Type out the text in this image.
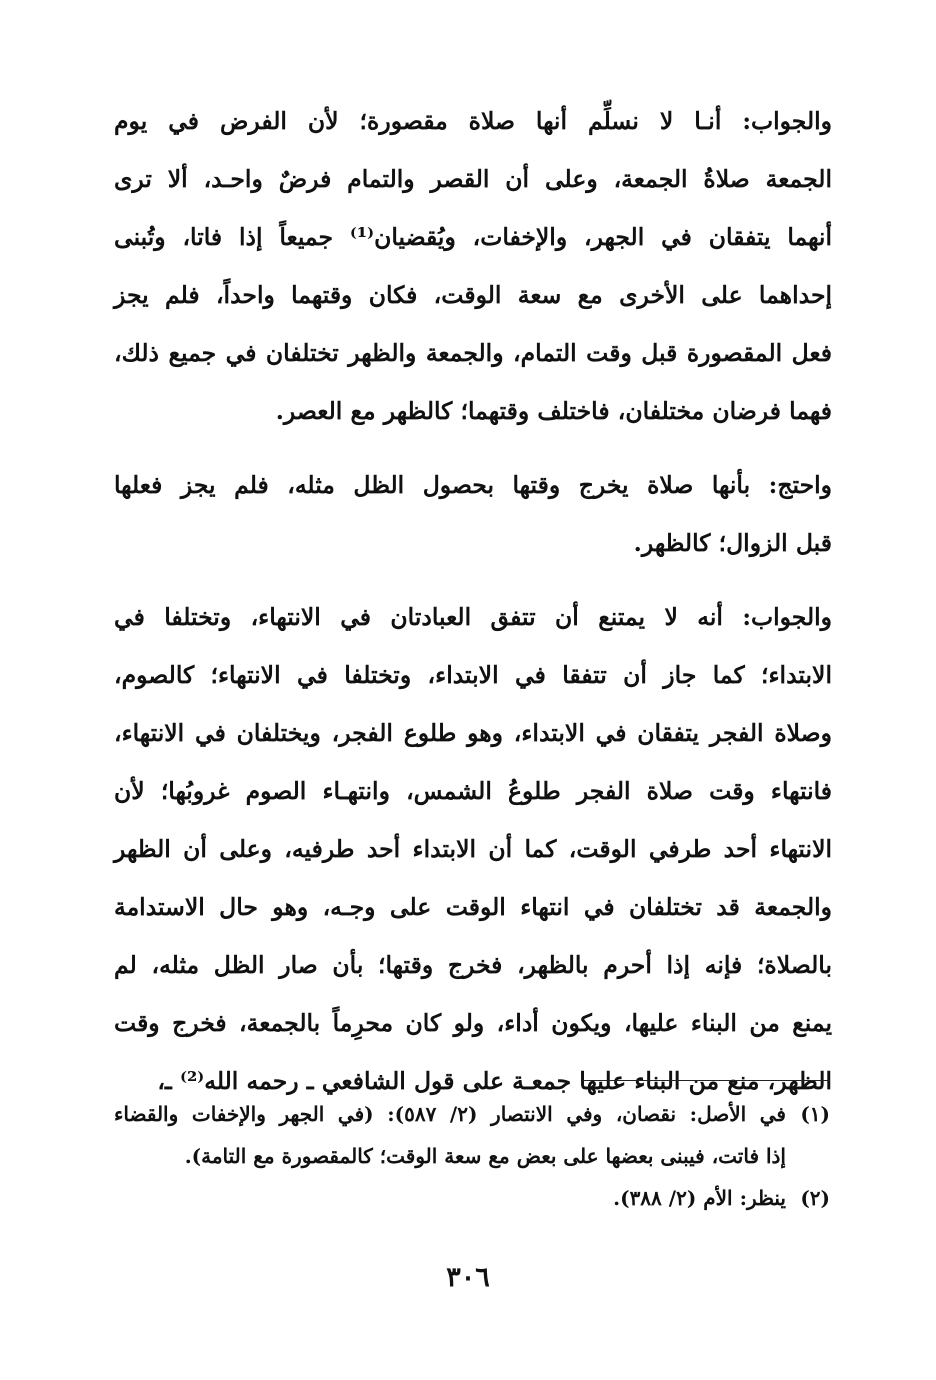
والجواب: أنـا لا نسلِّم أنها صلاة مقصورة؛ لأن الفرض في يوم
الجمعة صلاةُ الجمعة، وعلى أن القصر والتمام فرضٌ واحـد، ألا ترى
أنهما يتفقان في الجهر، والإخفات، ويُقضيان⁽¹⁾ جميعاً إذا فاتا، وتُبنى
إحداهما على الأخرى مع سعة الوقت، فكان وقتهما واحداً، فلم يجز
فعل المقصورة قبل وقت التمام، والجمعة والظهر تختلفان في جميع ذلك،
فهما فرضان مختلفان، فاختلف وقتهما؛ كالظهر مع العصر.
واحتج: بأنها صلاة يخرج وقتها بحصول الظل مثله، فلم يجز فعلها
قبل الزوال؛ كالظهر.
والجواب: أنه لا يمتنع أن تتفق العبادتان في الانتهاء، وتختلفا في
الابتداء؛ كما جاز أن تتفقا في الابتداء، وتختلفا في الانتهاء؛ كالصوم،
وصلاة الفجر يتفقان في الابتداء، وهو طلوع الفجر، ويختلفان في الانتهاء،
فانتهاء وقت صلاة الفجر طلوعُ الشمس، وانتهـاء الصوم غروبُها؛ لأن
الانتهاء أحد طرفي الوقت، كما أن الابتداء أحد طرفيه، وعلى أن الظهر
والجمعة قد تختلفان في انتهاء الوقت على وجـه، وهو حال الاستدامة
بالصلاة؛ فإنه إذا أحرم بالظهر، فخرج وقتها؛ بأن صار الظل مثله، لم
يمنع من البناء عليها، ويكون أداء، ولو كان محرِماً بالجمعة، فخرج وقت
الظهر، منع من البناء عليها جمعـة على قول الشافعي ـ رحمه الله⁽²⁾ ـ،
(١)
في الأصل: نقصان، وفي الانتصار (٢/ ٥٨٧): (في الجهر والإخفات والقضاء
إذا فاتت، فيبنى بعضها على بعض مع سعة الوقت؛ كالمقصورة مع التامة).
(٢)
ينظر: الأم (٢/ ٣٨٨).
٣٠٦
